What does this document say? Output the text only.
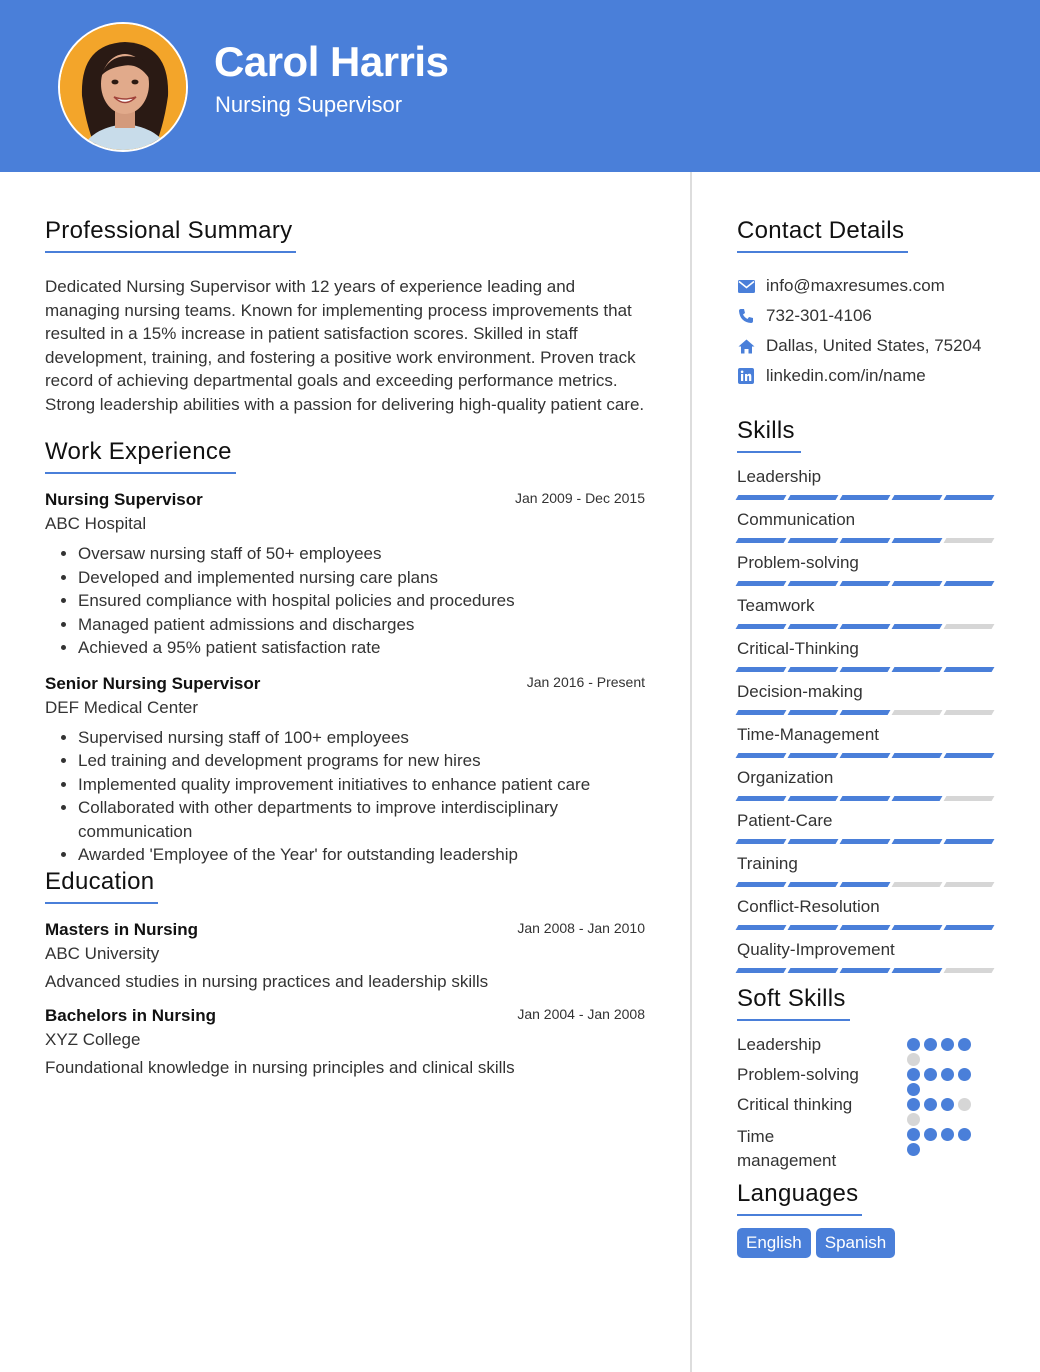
Carol Harris
Nursing Supervisor
Professional Summary
Dedicated Nursing Supervisor with 12 years of experience leading and managing nursing teams. Known for implementing process improvements that resulted in a 15% increase in patient satisfaction scores. Skilled in staff development, training, and fostering a positive work environment. Proven track record of achieving departmental goals and exceeding performance metrics. Strong leadership abilities with a passion for delivering high-quality patient care.
Work Experience
Nursing Supervisor	Jan 2009 - Dec 2015
ABC Hospital
• Oversaw nursing staff of 50+ employees
• Developed and implemented nursing care plans
• Ensured compliance with hospital policies and procedures
• Managed patient admissions and discharges
• Achieved a 95% patient satisfaction rate
Senior Nursing Supervisor	Jan 2016 - Present
DEF Medical Center
• Supervised nursing staff of 100+ employees
• Led training and development programs for new hires
• Implemented quality improvement initiatives to enhance patient care
• Collaborated with other departments to improve interdisciplinary communication
• Awarded 'Employee of the Year' for outstanding leadership
Education
Masters in Nursing	Jan 2008 - Jan 2010
ABC University
Advanced studies in nursing practices and leadership skills
Bachelors in Nursing	Jan 2004 - Jan 2008
XYZ College
Foundational knowledge in nursing principles and clinical skills
Contact Details
info@maxresumes.com
732-301-4106
Dallas, United States, 75204
linkedin.com/in/name
Skills
Leadership
Communication
Problem-solving
Teamwork
Critical-Thinking
Decision-making
Time-Management
Organization
Patient-Care
Training
Conflict-Resolution
Quality-Improvement
Soft Skills
Leadership
Problem-solving
Critical thinking
Time management
Languages
English Spanish
